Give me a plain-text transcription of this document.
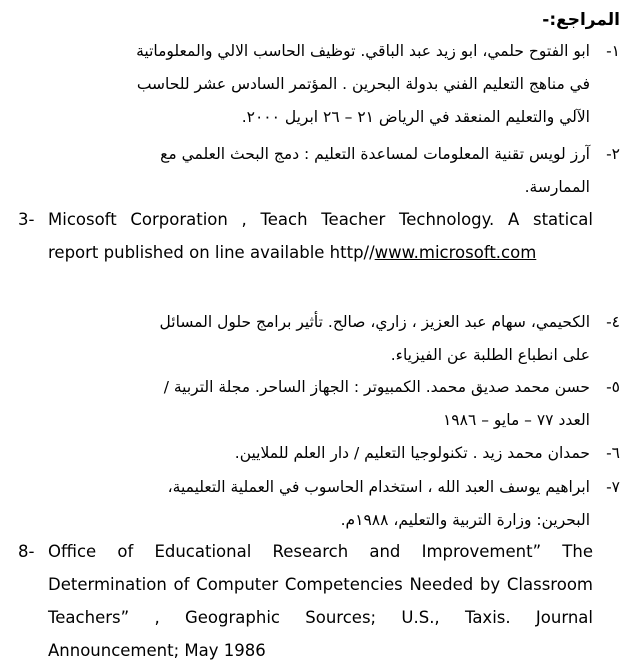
المراجع:-
١-ابو الفتوح حلمي، ابو زيد عبد الباقي. توظيف الحاسب الالي والمعلوماتية
في مناهج التعليم الفني بدولة البحرين . المؤتمر السادس عشر للحاسب
الآلي والتعليم المنعقد في الرياض ٢١ – ٢٦ ابريل ٢٠٠٠.
٢-آرز لويس تقنية المعلومات لمساعدة التعليم : دمج البحث العلمي مع
الممارسة.
3- Micosoft Corporation , Teach Teacher Technology. A statical
report published on line available http//www.microsoft.com
٤-الكحيمي، سهام عبد العزيز ، زاري، صالح. تأثير برامج حلول المسائل
على انطباع الطلبة عن الفيزياء.
٥-حسن محمد صديق محمد. الكمبيوتر : الجهاز الساحر. مجلة التربية /
العدد ٧٧ – مايو – ١٩٨٦
٦-حمدان محمد زيد . تكنولوجيا التعليم / دار العلم للملايين.
٧-ابراهيم يوسف العبد الله ، استخدام الحاسوب في العملية التعليمية،
البحرين: وزارة التربية والتعليم، ١٩٨٨م.
8- Office of Educational Research and Improvement” The
Determination of Computer Competencies Needed by Classroom
Teachers” , Geographic Sources; U.S., Taxis. Journal
Announcement; May 1986
